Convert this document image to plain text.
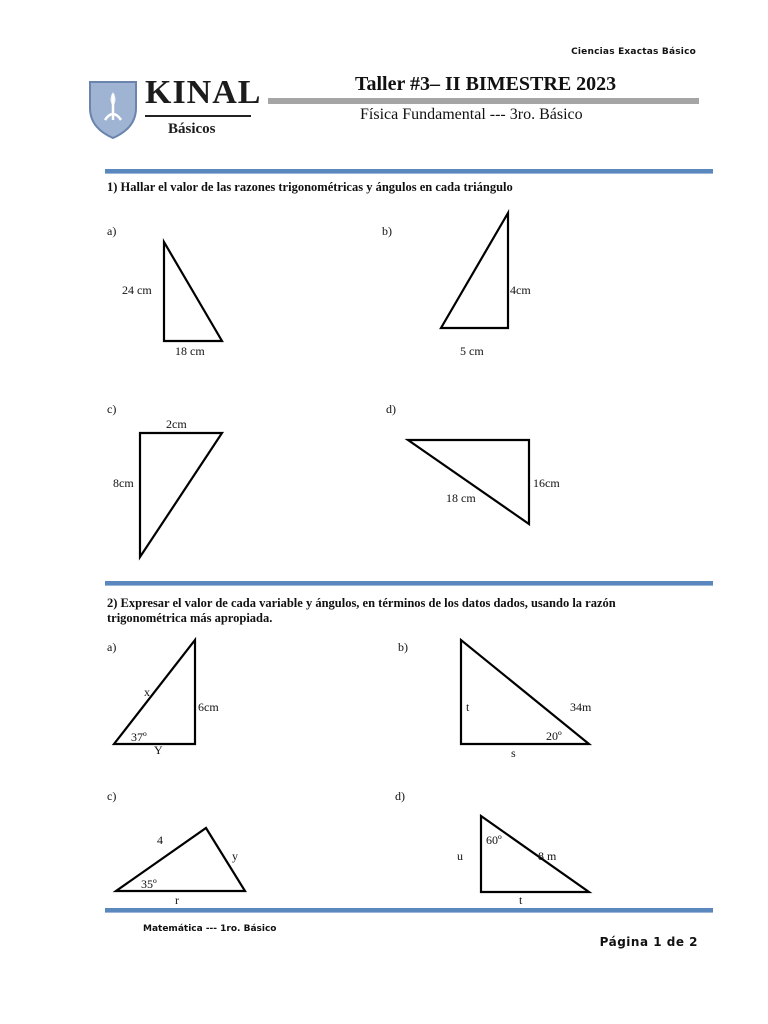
Ciencias Exactas Básico
KINAL
Básicos
Taller #3– II BIMESTRE 2023
Física Fundamental --- 3ro. Básico
1) Hallar el valor de las razones trigonométricas y ángulos en cada triángulo
a)
24 cm
18 cm
b)
4cm
5 cm
c)
2cm
8cm
d)
16cm
18 cm
2) Expresar el valor de cada variable y ángulos, en términos de los datos dados, usando la razón trigonométrica más apropiada.
a)
x
6cm
37º
Y
b)
t	34m
20º
s
c)
4
y
35º
r
d)
u
60º
8 m
t
Matemática --- 1ro. Básico
Página 1 de 2
